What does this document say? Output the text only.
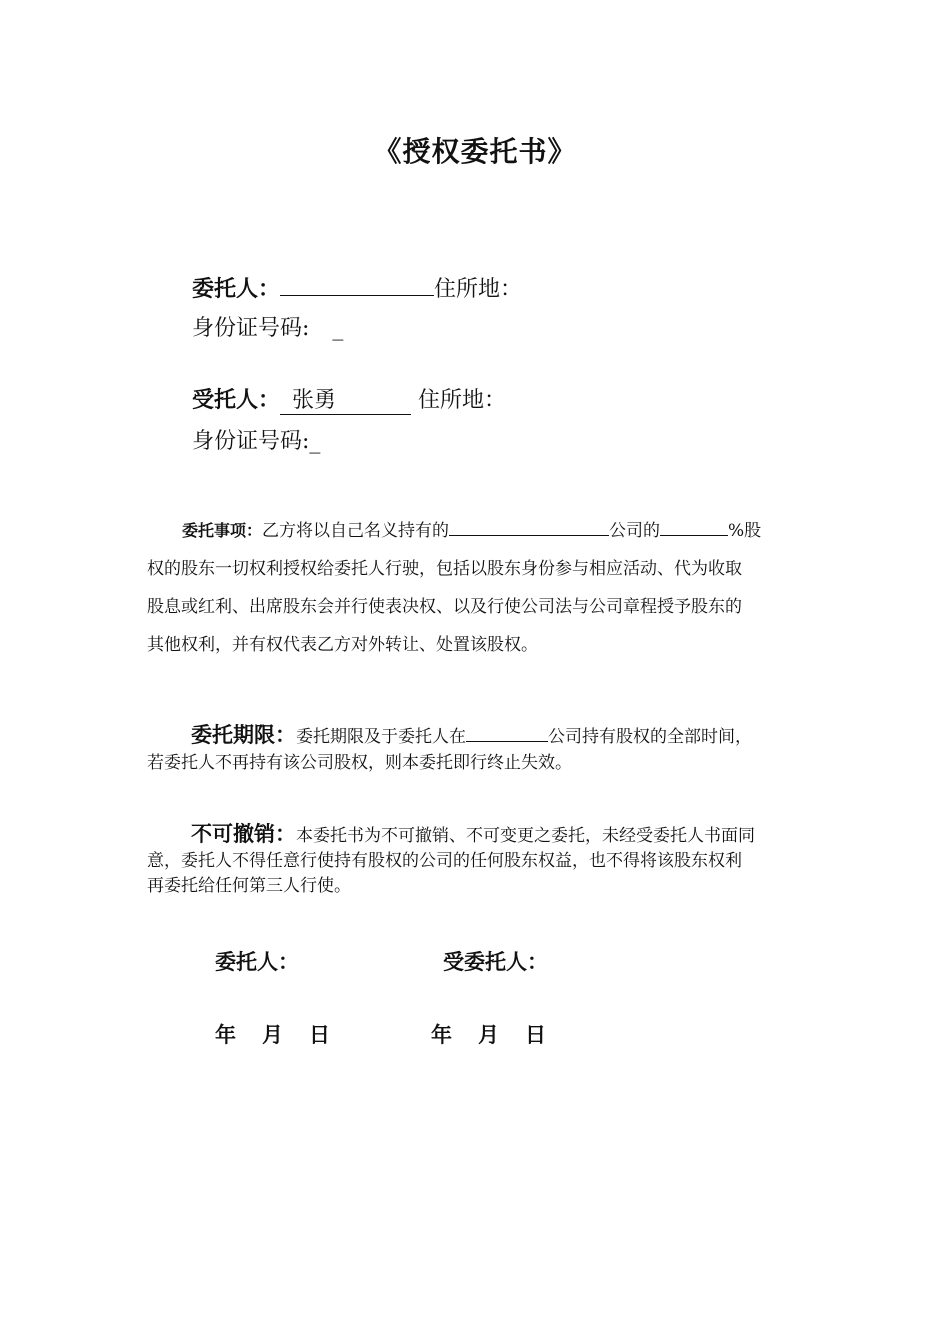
《授权委托书》
委托人：	住所地：
身份证号码: _
受托人： 张勇	住所地：
身份证号码:_
委托事项：乙方将以自己名义持有的	公司的	%股
权的股东一切权利授权给委托人行驶，包括以股东身份参与相应活动、代为收取
股息或红利、出席股东会并行使表决权、以及行使公司法与公司章程授予股东的
其他权利，并有权代表乙方对外转让、处置该股权。
委托期限：委托期限及于委托人在	公司持有股权的全部时间，
若委托人不再持有该公司股权，则本委托即行终止失效。
不可撤销：本委托书为不可撤销、不可变更之委托，未经受委托人书面同
意，委托人不得任意行使持有股权的公司的任何股东权益，也不得将该股东权利
再委托给任何第三人行使。
委托人：	受委托人：
年 月 日	年 月 日
